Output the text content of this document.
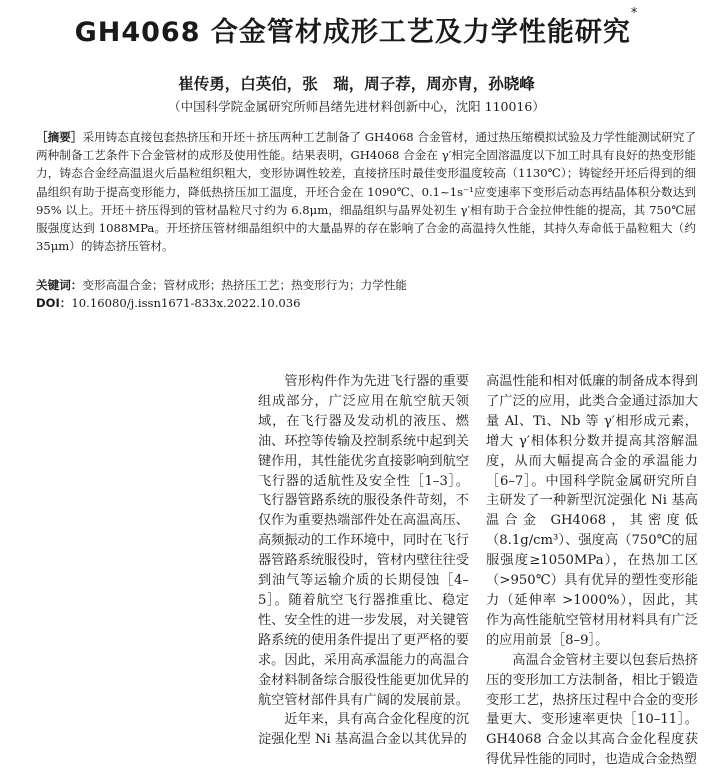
GH4068 合金管材成形工艺及力学性能研究*
崔传勇，白英伯，张　瑞，周子荐，周亦胄，孙晓峰
（中国科学院金属研究所师昌绪先进材料创新中心，沈阳 110016）

［摘要］采用铸态直接包套热挤压和开坯＋挤压两种工艺制备了 GH4068 合金管材，通过热压缩模拟试验及力学性能测试研究了两种制备工艺条件下合金管材的成形及使用性能。结果表明，GH4068 合金在 γ′相完全固溶温度以下加工时具有良好的热变形能力，铸态合金经高温退火后晶粒组织粗大，变形协调性较差，直接挤压时最佳变形温度较高（1130℃）；铸锭经开坯后得到的细晶组织有助于提高变形能力，降低热挤压加工温度，开坯合金在 1090℃、0.1~1s⁻¹应变速率下变形后动态再结晶体积分数达到 95% 以上。开坯＋挤压得到的管材晶粒尺寸约为 6.8μm，细晶组织与晶界处初生 γ′相有助于合金拉伸性能的提高，其 750℃屈服强度达到 1088MPa。开坯挤压管材细晶组织中的大量晶界的存在影响了合金的高温持久性能，其持久寿命低于晶粒粗大（约35μm）的铸态挤压管材。

关键词：变形高温合金；管材成形；热挤压工艺；热变形行为；力学性能
DOI：10.16080/j.issn1671-833x.2022.10.036

管形构件作为先进飞行器的重要组成部分，广泛应用在航空航天领域，在飞行器及发动机的液压、燃油、环控等传输及控制系统中起到关键作用，其性能优劣直接影响到航空飞行器的适航性及安全性［1–3］。飞行器管路系统的服役条件苛刻，不仅作为重要热端部件处在高温高压、高频振动的工作环境中，同时在飞行器管路系统服役时，管材内壁往往受到油气等运输介质的长期侵蚀［4–5］。随着航空飞行器推重比、稳定性、安全性的进一步发展，对关键管路系统的使用条件提出了更严格的要求。因此，采用高承温能力的高温合金材料制备综合服役性能更加优异的航空管材部件具有广阔的发展前景。

近年来，具有高合金化程度的沉淀强化型 Ni 基高温合金以其优异的

高温性能和相对低廉的制备成本得到了广泛的应用，此类合金通过添加大量 Al、Ti、Nb 等 γ′相形成元素，增大 γ′相体积分数并提高其溶解温度，从而大幅提高合金的承温能力［6–7］。中国科学院金属研究所自主研发了一种新型沉淀强化 Ni 基高温合金 GH4068，其密度低（8.1g/cm³）、强度高（750℃的屈服强度≥1050MPa），在热加工区（>950℃）具有优异的塑性变形能力（延伸率 >1000%），因此，其作为高性能航空管材用材料具有广泛的应用前景［8–9］。

高温合金管材主要以包套后热挤压的变形加工方法制备，相比于锻造变形工艺，热挤压过程中合金的变形量更大、变形速率更快［10–11］。GH4068 合金以其高合金化程度获得优异性能的同时，也造成合金热塑
